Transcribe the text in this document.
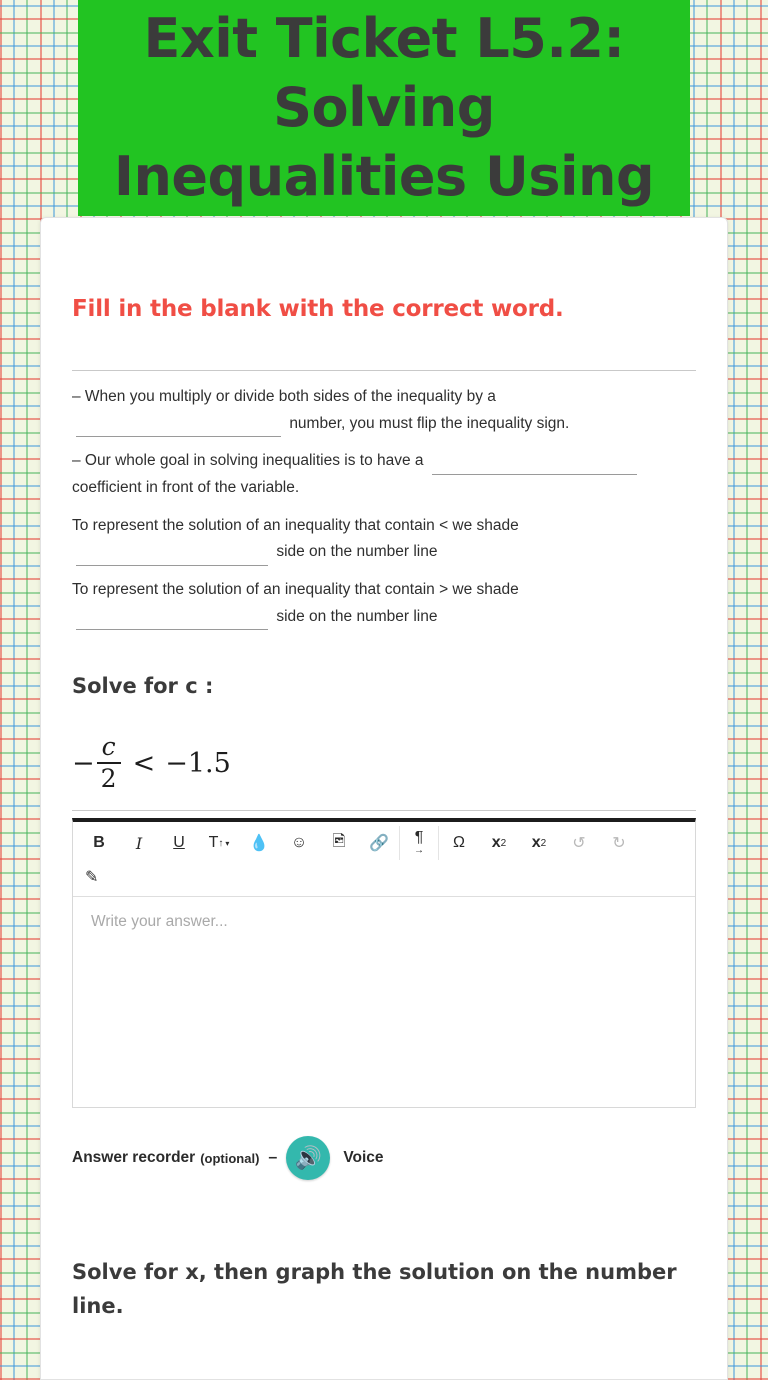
Exit Ticket L5.2: Solving Inequalities Using
Fill in the blank with the correct word.
– When you multiply or divide both sides of the inequality by a
number, you must flip the inequality sign.
– Our whole goal in solving inequalities is to have a
coefficient in front of the variable.
To represent the solution of an inequality that contain < we shade
side on the number line
To represent the solution of an inequality that contain > we shade
side on the number line
Solve for c :
− $\frac{c}{2} < -1.5$
B I U	T ↑ ▾	💧	☺	🖻	🔗	¶
→	Ω	x 2 x 2	↺	↻
✎
Write your answer...
Answer recorder (optional) – 🔊	Voice
Solve for x, then graph the solution on the number line.
